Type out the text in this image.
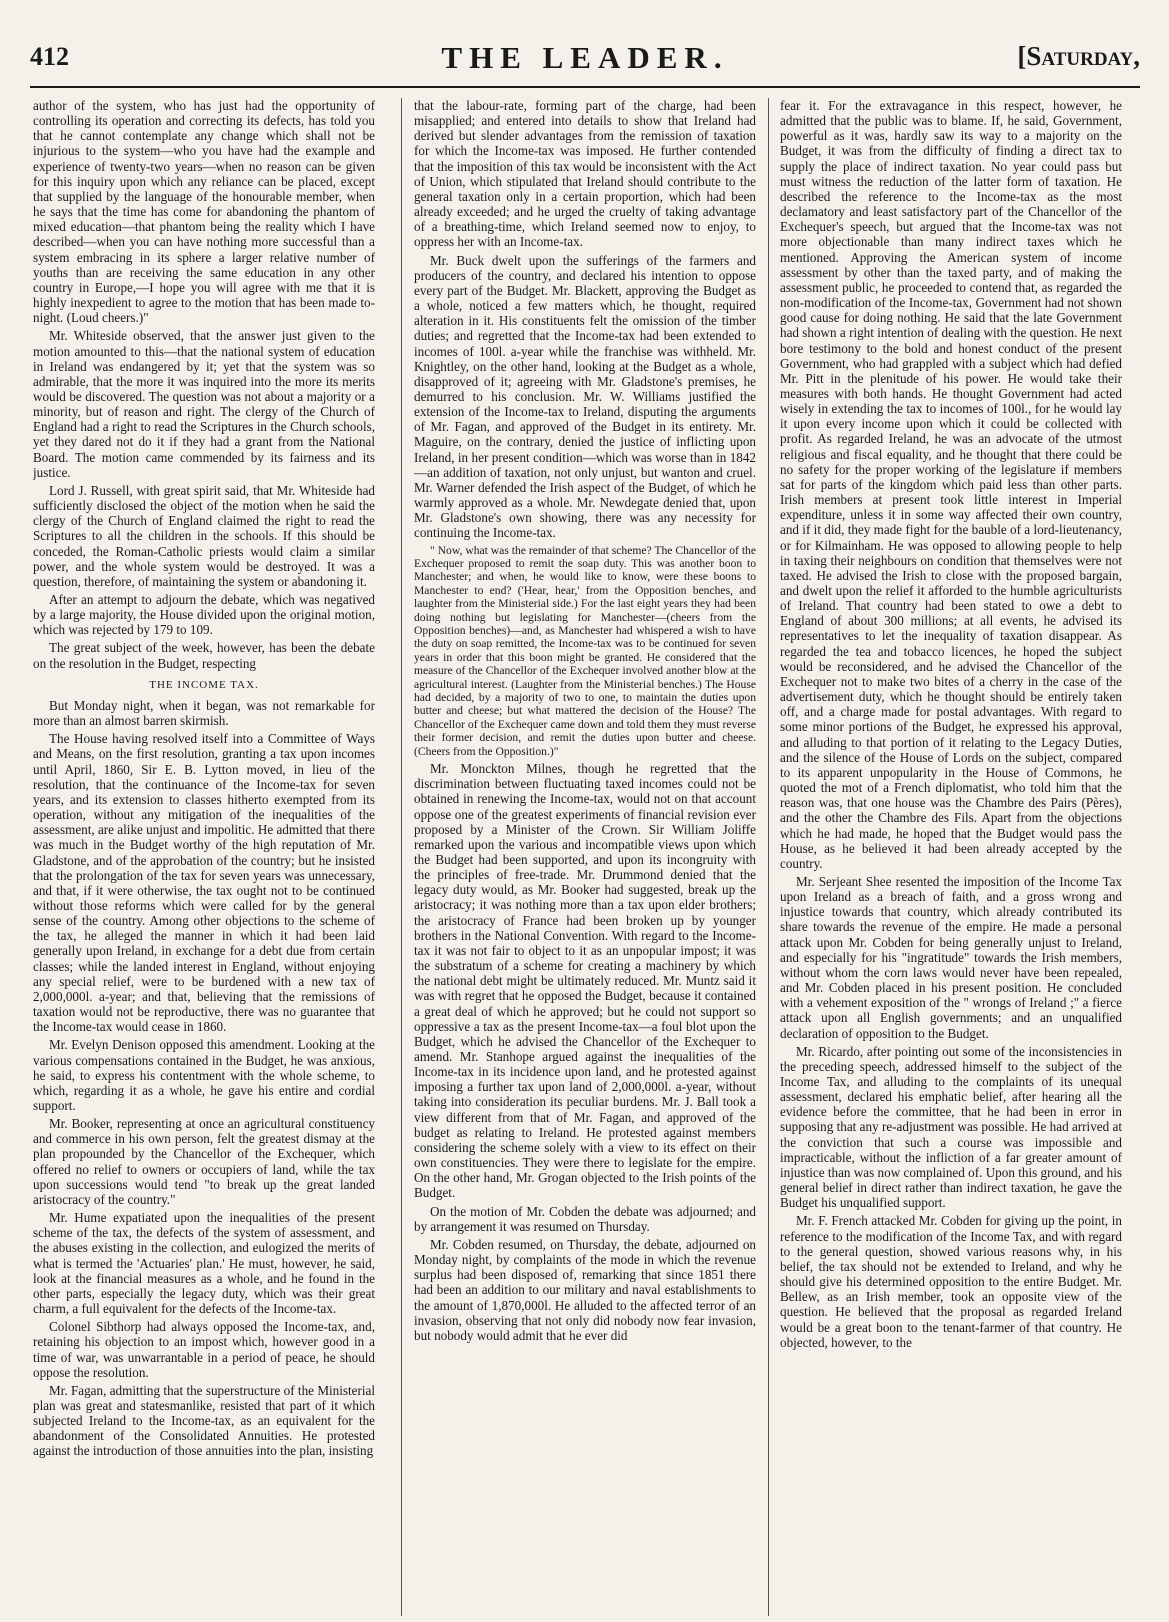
412	THE LEADER.	[Saturday,

author of the system, who has just had the opportunity of controlling its operation and correcting its defects, has told you that he cannot contemplate any change which shall not be injurious to the system—who you have had the example and experience of twenty-two years—when no reason can be given for this inquiry upon which any reliance can be placed, except that supplied by the language of the honourable member, when he says that the time has come for abandoning the phantom of mixed education—that phantom being the reality which I have described—when you can have nothing more successful than a system embracing in its sphere a larger relative number of youths than are receiving the same education in any other country in Europe,—I hope you will agree with me that it is highly inexpedient to agree to the motion that has been made to-night. (Loud cheers.)"

Mr. Whiteside observed, that the answer just given to the motion amounted to this—that the national system of education in Ireland was endangered by it; yet that the system was so admirable, that the more it was inquired into the more its merits would be discovered. The question was not about a majority or a minority, but of reason and right. The clergy of the Church of England had a right to read the Scriptures in the Church schools, yet they dared not do it if they had a grant from the National Board. The motion came commended by its fairness and its justice.

Lord J. Russell, with great spirit said, that Mr. Whiteside had sufficiently disclosed the object of the motion when he said the clergy of the Church of England claimed the right to read the Scriptures to all the children in the schools. If this should be conceded, the Roman-Catholic priests would claim a similar power, and the whole system would be destroyed. It was a question, therefore, of maintaining the system or abandoning it.

After an attempt to adjourn the debate, which was negatived by a large majority, the House divided upon the original motion, which was rejected by 179 to 109.

The great subject of the week, however, has been the debate on the resolution in the Budget, respecting

THE INCOME TAX.

But Monday night, when it began, was not remarkable for more than an almost barren skirmish.

The House having resolved itself into a Committee of Ways and Means, on the first resolution, granting a tax upon incomes until April, 1860, Sir E. B. Lytton moved, in lieu of the resolution, that the continuance of the Income-tax for seven years, and its extension to classes hitherto exempted from its operation, without any mitigation of the inequalities of the assessment, are alike unjust and impolitic. He admitted that there was much in the Budget worthy of the high reputation of Mr. Gladstone, and of the approbation of the country; but he insisted that the prolongation of the tax for seven years was unnecessary, and that, if it were otherwise, the tax ought not to be continued without those reforms which were called for by the general sense of the country. Among other objections to the scheme of the tax, he alleged the manner in which it had been laid generally upon Ireland, in exchange for a debt due from certain classes; while the landed interest in England, without enjoying any special relief, were to be burdened with a new tax of 2,000,000l. a-year; and that, believing that the remissions of taxation would not be reproductive, there was no guarantee that the Income-tax would cease in 1860.

Mr. Evelyn Denison opposed this amendment. Looking at the various compensations contained in the Budget, he was anxious, he said, to express his contentment with the whole scheme, to which, regarding it as a whole, he gave his entire and cordial support.

Mr. Booker, representing at once an agricultural constituency and commerce in his own person, felt the greatest dismay at the plan propounded by the Chancellor of the Exchequer, which offered no relief to owners or occupiers of land, while the tax upon successions would tend "to break up the great landed aristocracy of the country."

Mr. Hume expatiated upon the inequalities of the present scheme of the tax, the defects of the system of assessment, and the abuses existing in the collection, and eulogized the merits of what is termed the 'Actuaries' plan.' He must, however, he said, look at the financial measures as a whole, and he found in the other parts, especially the legacy duty, which was their great charm, a full equivalent for the defects of the Income-tax.

Colonel Sibthorp had always opposed the Income-tax, and, retaining his objection to an impost which, however good in a time of war, was unwarrantable in a period of peace, he should oppose the resolution.

Mr. Fagan, admitting that the superstructure of the Ministerial plan was great and statesmanlike, resisted that part of it which subjected Ireland to the Income-tax, as an equivalent for the abandonment of the Consolidated Annuities. He protested against the introduction of those annuities into the plan, insisting

that the labour-rate, forming part of the charge, had been misapplied; and entered into details to show that Ireland had derived but slender advantages from the remission of taxation for which the Income-tax was imposed. He further contended that the imposition of this tax would be inconsistent with the Act of Union, which stipulated that Ireland should contribute to the general taxation only in a certain proportion, which had been already exceeded; and he urged the cruelty of taking advantage of a breathing-time, which Ireland seemed now to enjoy, to oppress her with an Income-tax.

Mr. Buck dwelt upon the sufferings of the farmers and producers of the country, and declared his intention to oppose every part of the Budget. Mr. Blackett, approving the Budget as a whole, noticed a few matters which, he thought, required alteration in it. His constituents felt the omission of the timber duties; and regretted that the Income-tax had been extended to incomes of 100l. a-year while the franchise was withheld. Mr. Knightley, on the other hand, looking at the Budget as a whole, disapproved of it; agreeing with Mr. Gladstone's premises, he demurred to his conclusion. Mr. W. Williams justified the extension of the Income-tax to Ireland, disputing the arguments of Mr. Fagan, and approved of the Budget in its entirety. Mr. Maguire, on the contrary, denied the justice of inflicting upon Ireland, in her present condition—which was worse than in 1842—an addition of taxation, not only unjust, but wanton and cruel. Mr. Warner defended the Irish aspect of the Budget, of which he warmly approved as a whole. Mr. Newdegate denied that, upon Mr. Gladstone's own showing, there was any necessity for continuing the Income-tax.

" Now, what was the remainder of that scheme? The Chancellor of the Exchequer proposed to remit the soap duty. This was another boon to Manchester; and when, he would like to know, were these boons to Manchester to end? ('Hear, hear,' from the Opposition benches, and laughter from the Ministerial side.) For the last eight years they had been doing nothing but legislating for Manchester—(cheers from the Opposition benches)—and, as Manchester had whispered a wish to have the duty on soap remitted, the Income-tax was to be continued for seven years in order that this boon might be granted. He considered that the measure of the Chancellor of the Exchequer involved another blow at the agricultural interest. (Laughter from the Ministerial benches.) The House had decided, by a majority of two to one, to maintain the duties upon butter and cheese; but what mattered the decision of the House? The Chancellor of the Exchequer came down and told them they must reverse their former decision, and remit the duties upon butter and cheese. (Cheers from the Opposition.)"

Mr. Monckton Milnes, though he regretted that the discrimination between fluctuating taxed incomes could not be obtained in renewing the Income-tax, would not on that account oppose one of the greatest experiments of financial revision ever proposed by a Minister of the Crown. Sir William Joliffe remarked upon the various and incompatible views upon which the Budget had been supported, and upon its incongruity with the principles of free-trade. Mr. Drummond denied that the legacy duty would, as Mr. Booker had suggested, break up the aristocracy; it was nothing more than a tax upon elder brothers; the aristocracy of France had been broken up by younger brothers in the National Convention. With regard to the Income-tax it was not fair to object to it as an unpopular impost; it was the substratum of a scheme for creating a machinery by which the national debt might be ultimately reduced. Mr. Muntz said it was with regret that he opposed the Budget, because it contained a great deal of which he approved; but he could not support so oppressive a tax as the present Income-tax—a foul blot upon the Budget, which he advised the Chancellor of the Exchequer to amend. Mr. Stanhope argued against the inequalities of the Income-tax in its incidence upon land, and he protested against imposing a further tax upon land of 2,000,000l. a-year, without taking into consideration its peculiar burdens. Mr. J. Ball took a view different from that of Mr. Fagan, and approved of the budget as relating to Ireland. He protested against members considering the scheme solely with a view to its effect on their own constituencies. They were there to legislate for the empire. On the other hand, Mr. Grogan objected to the Irish points of the Budget.

On the motion of Mr. Cobden the debate was adjourned; and by arrangement it was resumed on Thursday.

Mr. Cobden resumed, on Thursday, the debate, adjourned on Monday night, by complaints of the mode in which the revenue surplus had been disposed of, remarking that since 1851 there had been an addition to our military and naval establishments to the amount of 1,870,000l. He alluded to the affected terror of an invasion, observing that not only did nobody now fear invasion, but nobody would admit that he ever did

fear it. For the extravagance in this respect, however, he admitted that the public was to blame. If, he said, Government, powerful as it was, hardly saw its way to a majority on the Budget, it was from the difficulty of finding a direct tax to supply the place of indirect taxation. No year could pass but must witness the reduction of the latter form of taxation. He described the reference to the Income-tax as the most declamatory and least satisfactory part of the Chancellor of the Exchequer's speech, but argued that the Income-tax was not more objectionable than many indirect taxes which he mentioned. Approving the American system of income assessment by other than the taxed party, and of making the assessment public, he proceeded to contend that, as regarded the non-modification of the Income-tax, Government had not shown good cause for doing nothing. He said that the late Government had shown a right intention of dealing with the question. He next bore testimony to the bold and honest conduct of the present Government, who had grappled with a subject which had defied Mr. Pitt in the plenitude of his power. He would take their measures with both hands. He thought Government had acted wisely in extending the tax to incomes of 100l., for he would lay it upon every income upon which it could be collected with profit. As regarded Ireland, he was an advocate of the utmost religious and fiscal equality, and he thought that there could be no safety for the proper working of the legislature if members sat for parts of the kingdom which paid less than other parts. Irish members at present took little interest in Imperial expenditure, unless it in some way affected their own country, and if it did, they made fight for the bauble of a lord-lieutenancy, or for Kilmainham. He was opposed to allowing people to help in taxing their neighbours on condition that themselves were not taxed. He advised the Irish to close with the proposed bargain, and dwelt upon the relief it afforded to the humble agriculturists of Ireland. That country had been stated to owe a debt to England of about 300 millions; at all events, he advised its representatives to let the inequality of taxation disappear. As regarded the tea and tobacco licences, he hoped the subject would be reconsidered, and he advised the Chancellor of the Exchequer not to make two bites of a cherry in the case of the advertisement duty, which he thought should be entirely taken off, and a charge made for postal advantages. With regard to some minor portions of the Budget, he expressed his approval, and alluding to that portion of it relating to the Legacy Duties, and the silence of the House of Lords on the subject, compared to its apparent unpopularity in the House of Commons, he quoted the mot of a French diplomatist, who told him that the reason was, that one house was the Chambre des Pairs (Pères), and the other the Chambre des Fils. Apart from the objections which he had made, he hoped that the Budget would pass the House, as he believed it had been already accepted by the country.

Mr. Serjeant Shee resented the imposition of the Income Tax upon Ireland as a breach of faith, and a gross wrong and injustice towards that country, which already contributed its share towards the revenue of the empire. He made a personal attack upon Mr. Cobden for being generally unjust to Ireland, and especially for his "ingratitude" towards the Irish members, without whom the corn laws would never have been repealed, and Mr. Cobden placed in his present position. He concluded with a vehement exposition of the " wrongs of Ireland ;" a fierce attack upon all English governments; and an unqualified declaration of opposition to the Budget.

Mr. Ricardo, after pointing out some of the inconsistencies in the preceding speech, addressed himself to the subject of the Income Tax, and alluding to the complaints of its unequal assessment, declared his emphatic belief, after hearing all the evidence before the committee, that he had been in error in supposing that any re-adjustment was possible. He had arrived at the conviction that such a course was impossible and impracticable, without the infliction of a far greater amount of injustice than was now complained of. Upon this ground, and his general belief in direct rather than indirect taxation, he gave the Budget his unqualified support.

Mr. F. French attacked Mr. Cobden for giving up the point, in reference to the modification of the Income Tax, and with regard to the general question, showed various reasons why, in his belief, the tax should not be extended to Ireland, and why he should give his determined opposition to the entire Budget. Mr. Bellew, as an Irish member, took an opposite view of the question. He believed that the proposal as regarded Ireland would be a great boon to the tenant-farmer of that country. He objected, however, to the
